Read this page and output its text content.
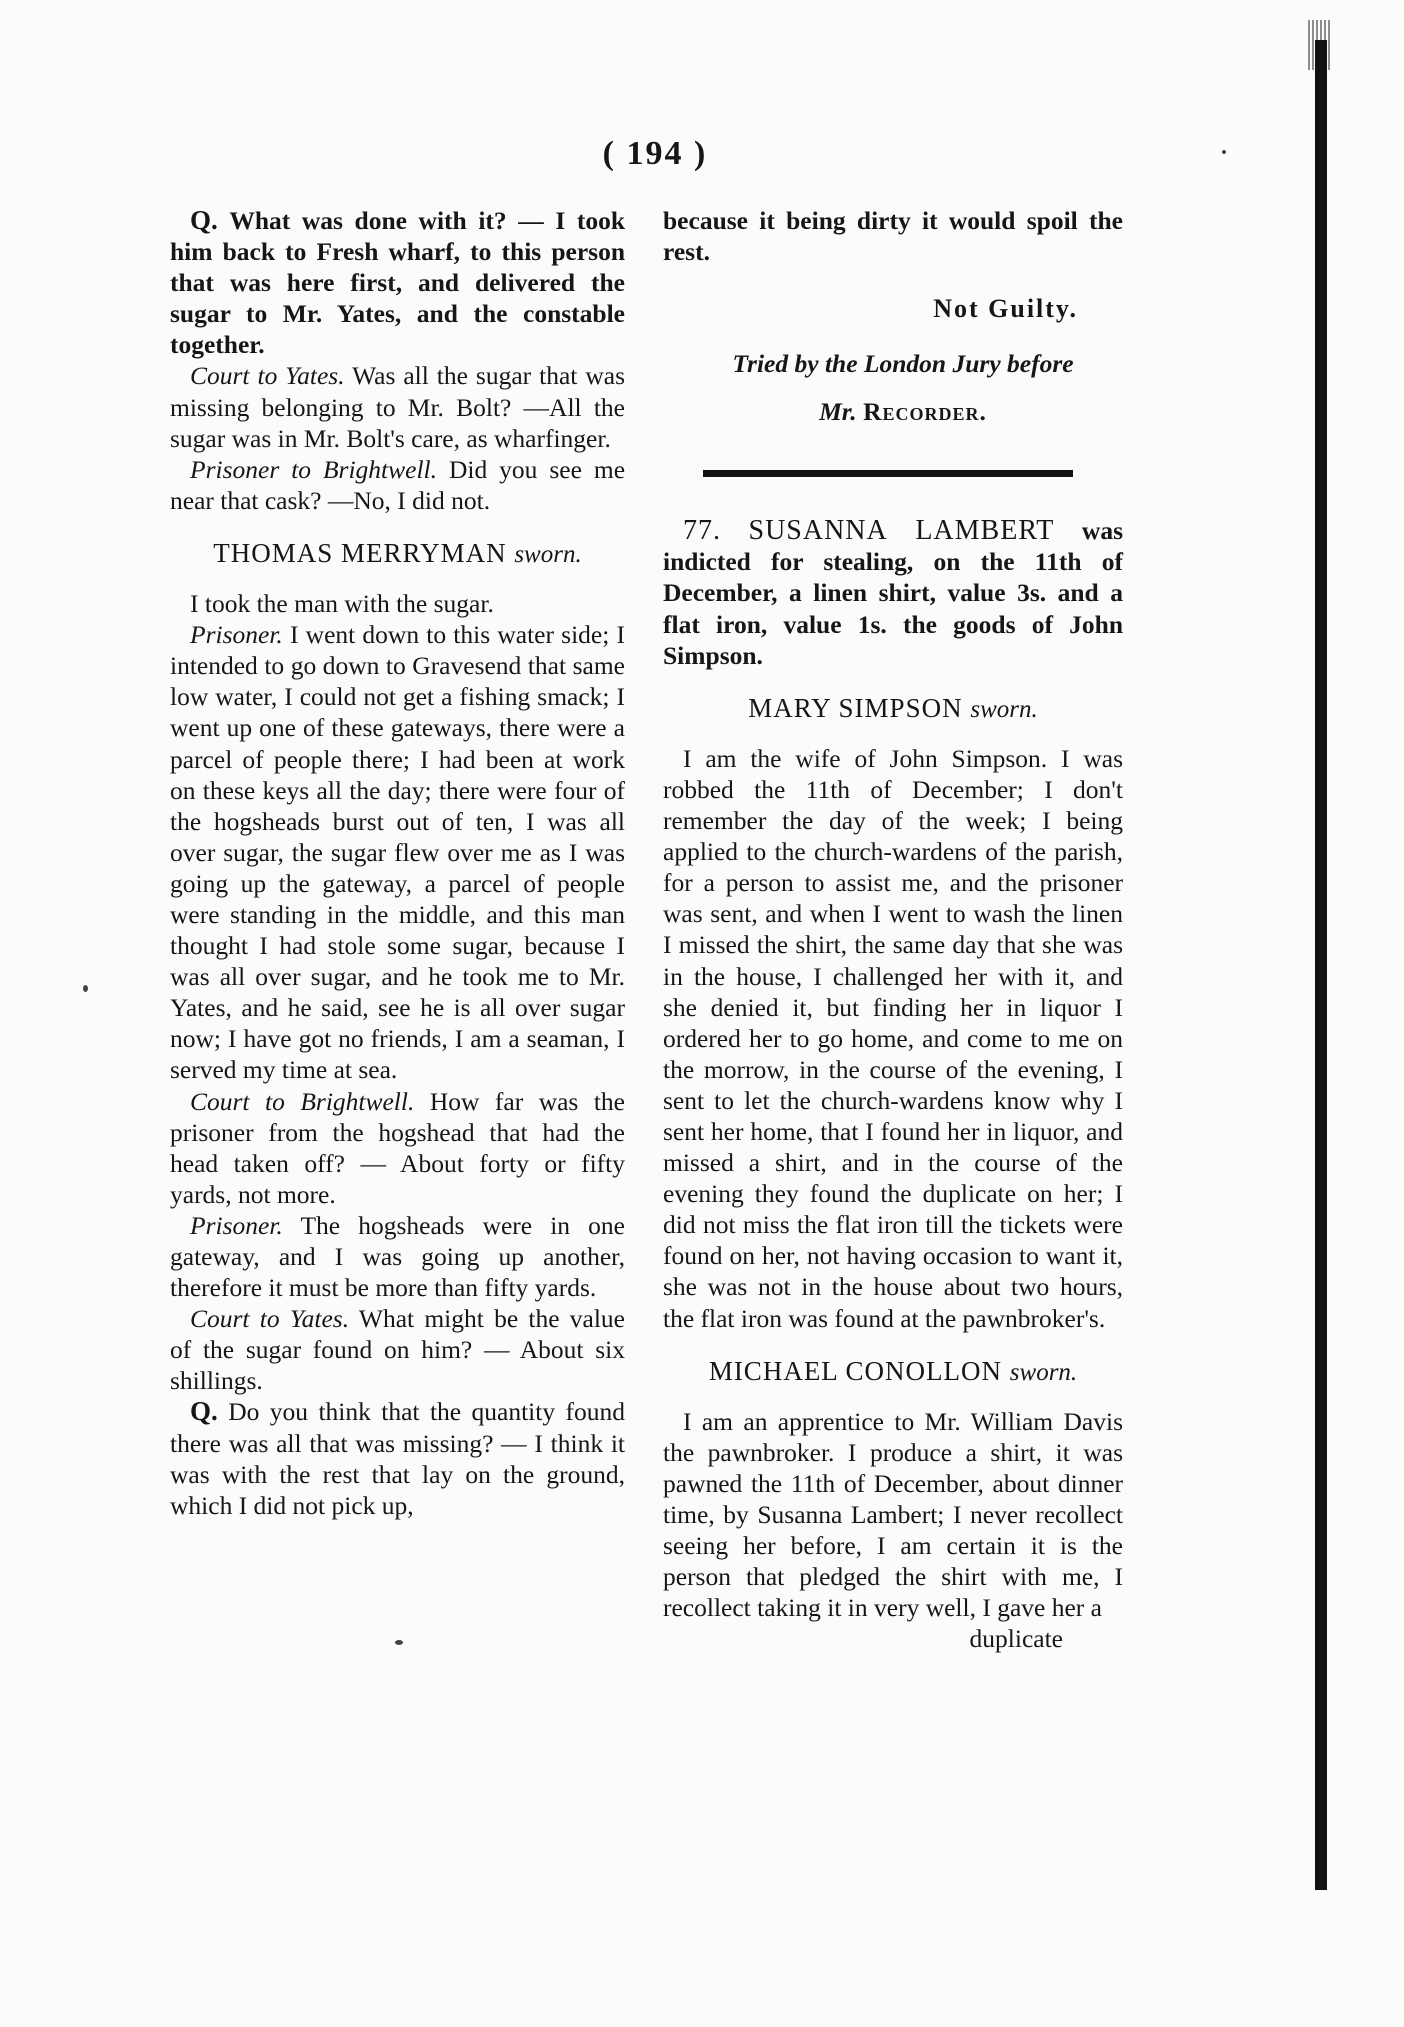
( 194 )

Q. What was done with it? — I took him back to Fresh wharf, to this person that was here first, and delivered the sugar to Mr. Yates, and the constable together.

Court to Yates. Was all the sugar that was missing belonging to Mr. Bolt? —All the sugar was in Mr. Bolt's care, as wharfinger.

Prisoner to Brightwell. Did you see me near that cask? —No, I did not.

THOMAS MERRYMAN sworn.

I took the man with the sugar.

Prisoner. I went down to this water side; I intended to go down to Gravesend that same low water, I could not get a fishing smack; I went up one of these gateways, there were a parcel of people there; I had been at work on these keys all the day; there were four of the hogsheads burst out of ten, I was all over sugar, the sugar flew over me as I was going up the gateway, a parcel of people were standing in the middle, and this man thought I had stole some sugar, because I was all over sugar, and he took me to Mr. Yates, and he said, see he is all over sugar now; I have got no friends, I am a seaman, I served my time at sea.

Court to Brightwell. How far was the prisoner from the hogshead that had the head taken off? — About forty or fifty yards, not more.

Prisoner. The hogsheads were in one gateway, and I was going up another, therefore it must be more than fifty yards.

Court to Yates. What might be the value of the sugar found on him? — About six shillings.

Q. Do you think that the quantity found there was all that was missing? — I think it was with the rest that lay on the ground, which I did not pick up,

because it being dirty it would spoil the rest.

Not Guilty.

Tried by the London Jury before

Mr. Recorder.

77. SUSANNA LAMBERT was indicted for stealing, on the 11th of December, a linen shirt, value 3s. and a flat iron, value 1s. the goods of John Simpson.

MARY SIMPSON sworn.

I am the wife of John Simpson. I was robbed the 11th of December; I don't remember the day of the week; I being applied to the church-wardens of the parish, for a person to assist me, and the prisoner was sent, and when I went to wash the linen I missed the shirt, the same day that she was in the house, I challenged her with it, and she denied it, but finding her in liquor I ordered her to go home, and come to me on the morrow, in the course of the evening, I sent to let the church-wardens know why I sent her home, that I found her in liquor, and missed a shirt, and in the course of the evening they found the duplicate on her; I did not miss the flat iron till the tickets were found on her, not having occasion to want it, she was not in the house about two hours, the flat iron was found at the pawnbroker's.

MICHAEL CONOLLON sworn.

I am an apprentice to Mr. William Davis the pawnbroker. I produce a shirt, it was pawned the 11th of December, about dinner time, by Susanna Lambert; I never recollect seeing her before, I am certain it is the person that pledged the shirt with me, I recollect taking it in very well, I gave her a

duplicate
